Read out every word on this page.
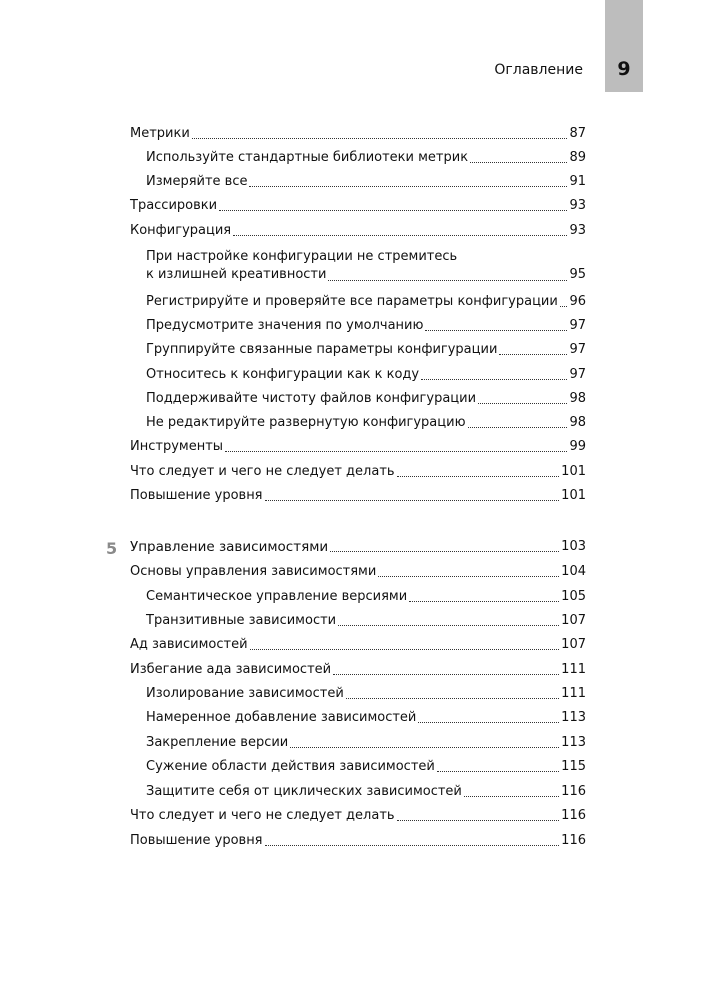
9
Оглавление
Метрики	87
Используйте стандартные библиотеки метрик	89
Измеряйте все	91
Трассировки	93
Конфигурация	93
При настройке конфигурации не стремитесь
к излишней креативности	95
Регистрируйте и проверяйте все параметры конфигурации 96
Предусмотрите значения по умолчанию	97
Группируйте связанные параметры конфигурации	97
Относитесь к конфигурации как к коду	97
Поддерживайте чистоту файлов конфигурации	98
Не редактируйте развернутую конфигурацию	98
Инструменты	99
Что следует и чего не следует делать	101
Повышение уровня	101
5 Управление зависимостями	103
Основы управления зависимостями	104
Семантическое управление версиями	105
Транзитивные зависимости	107
Ад зависимостей	107
Избегание ада зависимостей	111
Изолирование зависимостей	111
Намеренное добавление зависимостей	113
Закрепление версии	113
Сужение области действия зависимостей	115
Защитите себя от циклических зависимостей	116
Что следует и чего не следует делать	116
Повышение уровня	116
